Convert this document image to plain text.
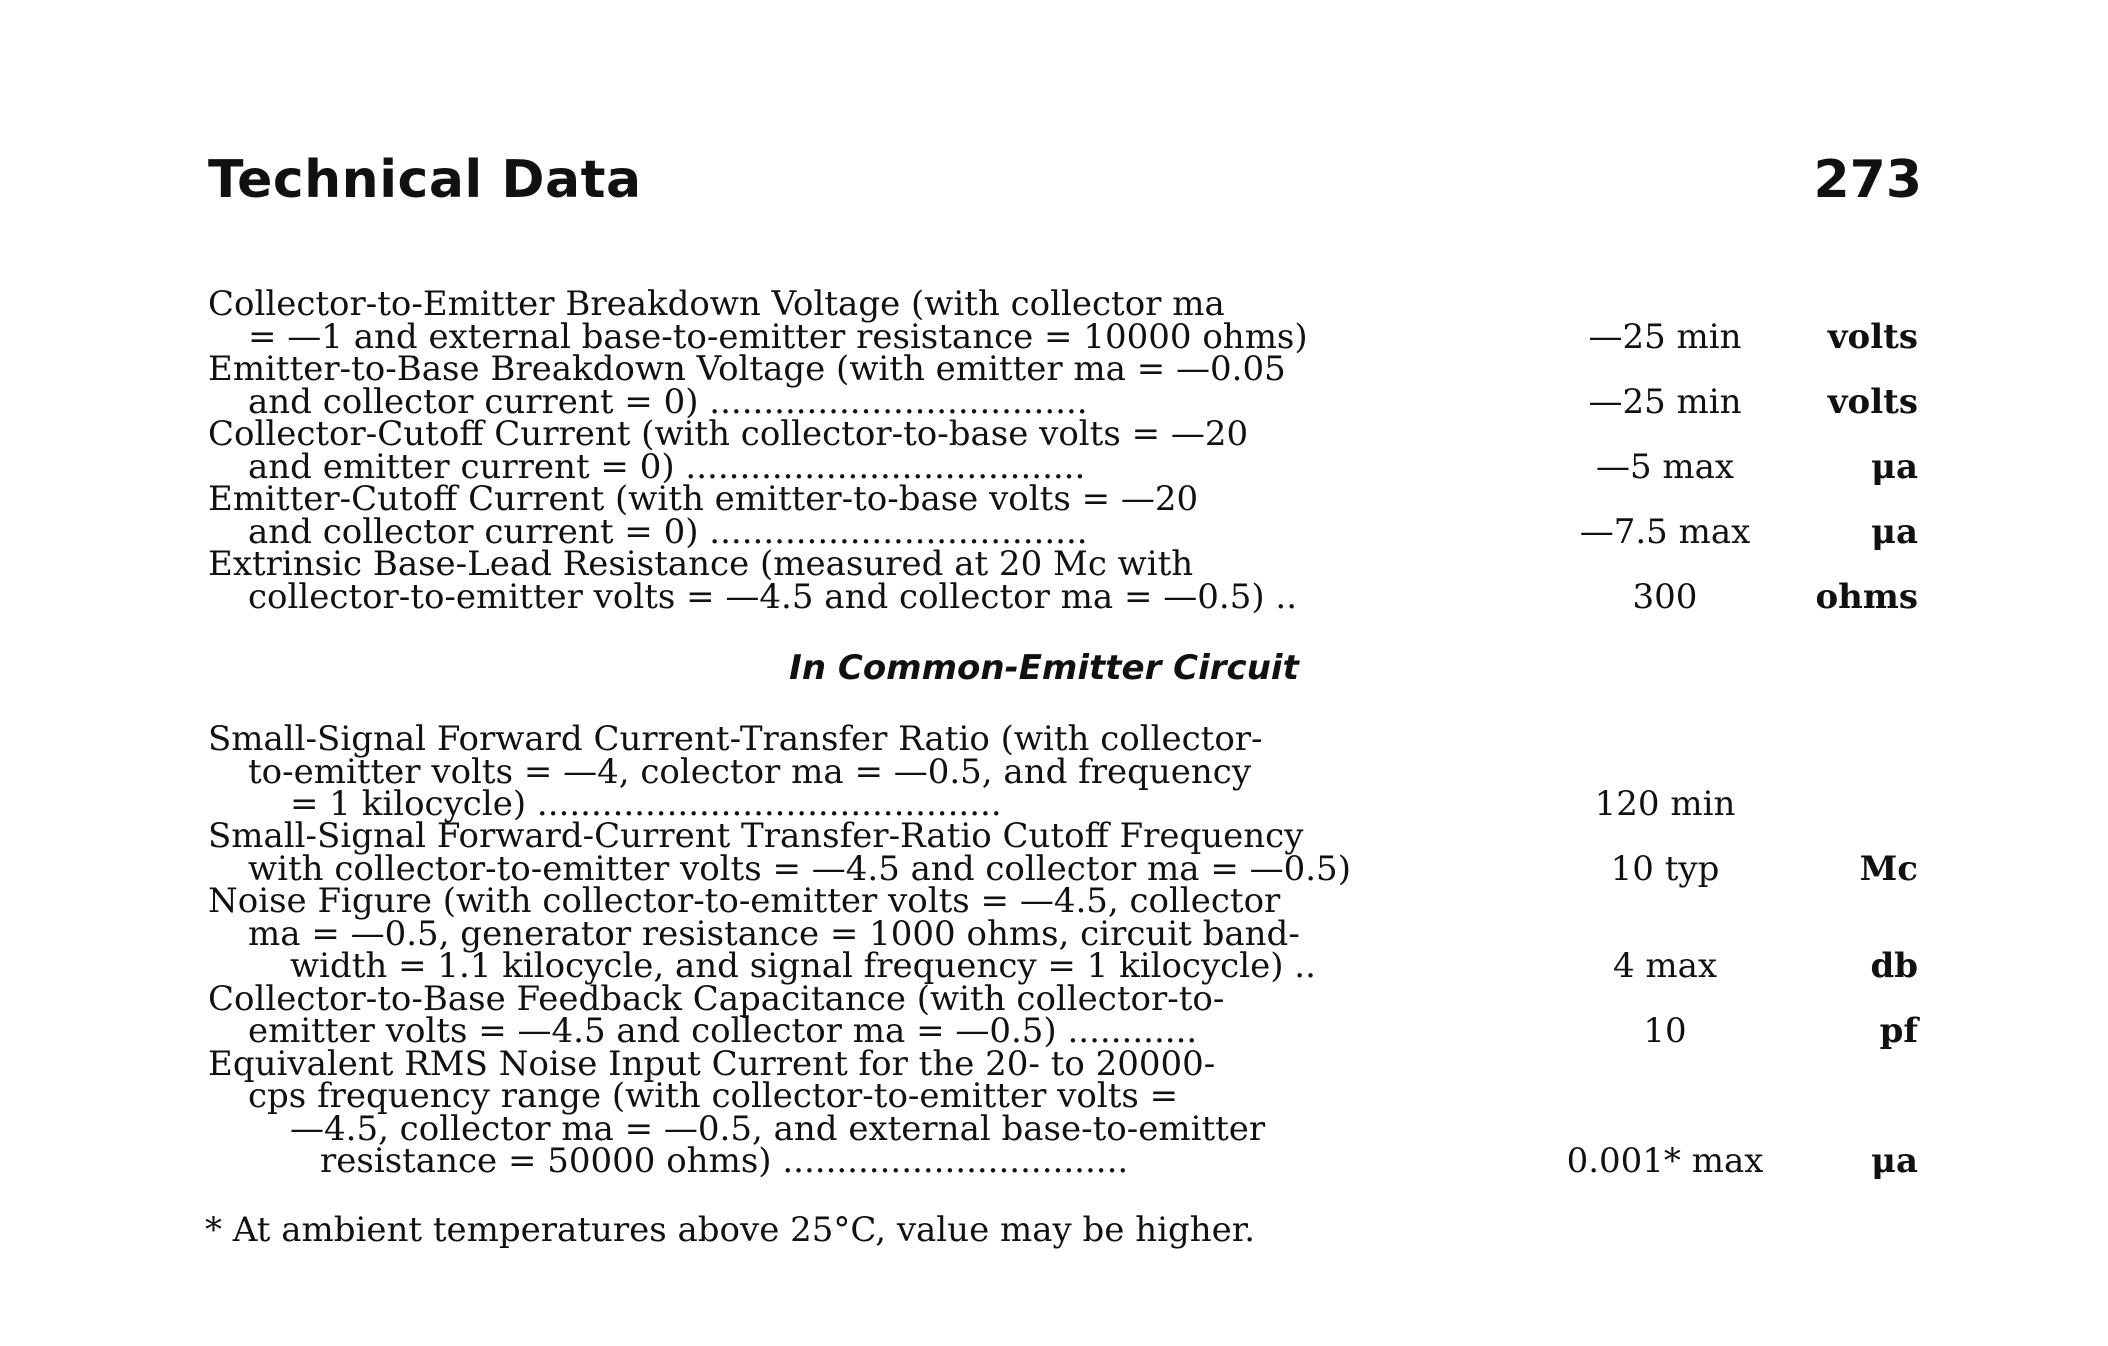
Technical Data	273
Collector-to-Emitter Breakdown Voltage (with collector ma
= —1 and external base-to-emitter resistance = 10000 ohms)	—25 min	volts
Emitter-to-Base Breakdown Voltage (with emitter ma = —0.05
and collector current = 0) ...................................	—25 min	volts
Collector-Cutoff Current (with collector-to-base volts = —20
and emitter current = 0) .....................................	—5 max	μa
Emitter-Cutoff Current (with emitter-to-base volts = —20
and collector current = 0) ...................................	—7.5 max	μa
Extrinsic Base-Lead Resistance (measured at 20 Mc with
collector-to-emitter volts = —4.5 and collector ma = —0.5) ..	300	ohms
In Common-Emitter Circuit
Small-Signal Forward Current-Transfer Ratio (with collector-
to-emitter volts = —4, colector ma = —0.5, and frequency
= 1 kilocycle) ...........................................	120 min
Small-Signal Forward-Current Transfer-Ratio Cutoff Frequency
with collector-to-emitter volts = —4.5 and collector ma = —0.5)	10 typ	Mc
Noise Figure (with collector-to-emitter volts = —4.5, collector
ma = —0.5, generator resistance = 1000 ohms, circuit band-
width = 1.1 kilocycle, and signal frequency = 1 kilocycle) ..	4 max	db
Collector-to-Base Feedback Capacitance (with collector-to-
emitter volts = —4.5 and collector ma = —0.5) ............	10	pf
Equivalent RMS Noise Input Current for the 20- to 20000-
cps frequency range (with collector-to-emitter volts =
—4.5, collector ma = —0.5, and external base-to-emitter
resistance = 50000 ohms) ................................	0.001* max	μa
* At ambient temperatures above 25°C, value may be higher.
